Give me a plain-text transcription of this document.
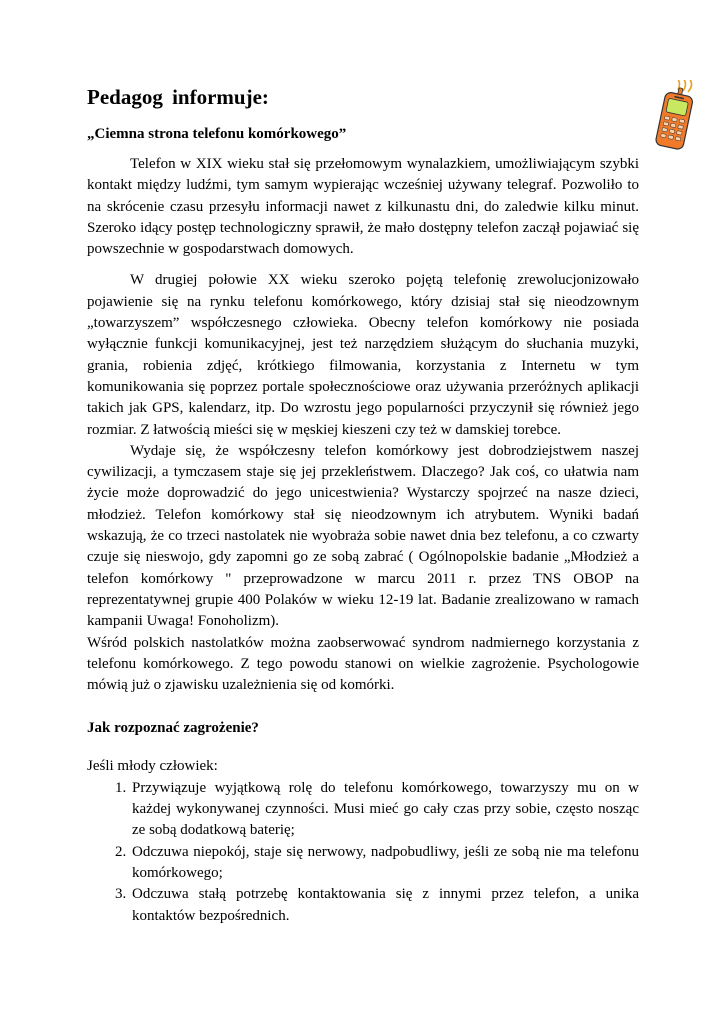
Pedagog informuje:
„Ciemna strona telefonu komórkowego”

Telefon w XIX wieku stał się przełomowym wynalazkiem, umożliwiającym szybki kontakt między ludźmi, tym samym wypierając wcześniej używany telegraf. Pozwoliło to na skrócenie czasu przesyłu informacji nawet z kilkunastu dni, do zaledwie kilku minut. Szeroko idący postęp technologiczny sprawił, że mało dostępny telefon zaczął pojawiać się powszechnie w gospodarstwach domowych.

W drugiej połowie XX wieku szeroko pojętą telefonię zrewolucjonizowało pojawienie się na rynku telefonu komórkowego, który dzisiaj stał się nieodzownym „towarzyszem” współczesnego człowieka. Obecny telefon komórkowy nie posiada wyłącznie funkcji komunikacyjnej, jest też narzędziem służącym do słuchania muzyki, grania, robienia zdjęć, krótkiego filmowania, korzystania z Internetu w tym komunikowania się poprzez portale społecznościowe oraz używania przeróżnych aplikacji takich jak GPS, kalendarz, itp. Do wzrostu jego popularności przyczynił się również jego rozmiar. Z łatwością mieści się w męskiej kieszeni czy też w damskiej torebce.

Wydaje się, że współczesny telefon komórkowy jest dobrodziejstwem naszej cywilizacji, a tymczasem staje się jej przekleństwem. Dlaczego? Jak coś, co ułatwia nam życie może doprowadzić do jego unicestwienia? Wystarczy spojrzeć na nasze dzieci, młodzież. Telefon komórkowy stał się nieodzownym ich atrybutem. Wyniki badań wskazują, że co trzeci nastolatek nie wyobraża sobie nawet dnia bez telefonu, a co czwarty czuje się nieswojo, gdy zapomni go ze sobą zabrać ( Ogólnopolskie badanie „Młodzież a telefon komórkowy " przeprowadzone w marcu 2011 r. przez TNS OBOP na reprezentatywnej grupie 400 Polaków w wieku 12-19 lat. Badanie zrealizowano w ramach kampanii Uwaga! Fonoholizm).

Wśród polskich nastolatków można zaobserwować syndrom nadmiernego korzystania z telefonu komórkowego. Z tego powodu stanowi on wielkie zagrożenie. Psychologowie mówią już o zjawisku uzależnienia się od komórki.

Jak rozpoznać zagrożenie?

Jeśli młody człowiek:

1. Przywiązuje wyjątkową rolę do telefonu komórkowego, towarzyszy mu on w każdej wykonywanej czynności. Musi mieć go cały czas przy sobie, często nosząc ze sobą dodatkową baterię;
2. Odczuwa niepokój, staje się nerwowy, nadpobudliwy, jeśli ze sobą nie ma telefonu komórkowego;
3. Odczuwa stałą potrzebę kontaktowania się z innymi przez telefon, a unika kontaktów bezpośrednich.
